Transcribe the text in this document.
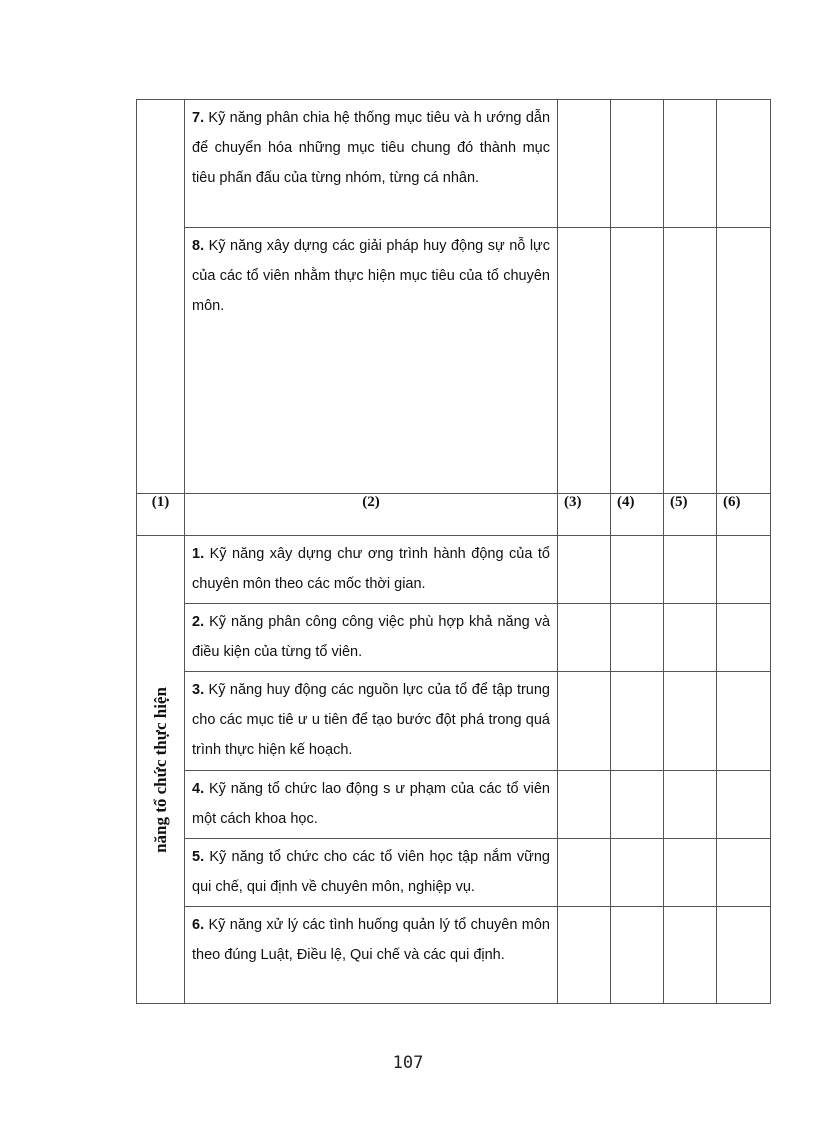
	7. Kỹ năng phân chia hệ thống mục tiêu và h ướng dẫn để chuyển hóa những mục tiêu chung đó thành mục tiêu phấn đấu của từng nhóm, từng cá nhân.				

	8. Kỹ năng xây dựng các giải pháp huy động sự nỗ lực của các tổ viên nhằm thực hiện mục tiêu của tổ chuyên môn.				

(1)	(2)	(3)	(4)	(5)	(6)

năng tổ chức thực hiện	1. Kỹ năng xây dựng chư ơng trình hành động của tổ chuyên môn theo các mốc thời gian.				

	2. Kỹ năng phân công công việc phù hợp khả năng và điều kiện của từng tổ viên.				

	3. Kỹ năng huy động các nguồn lực của tổ để tập trung cho các mục tiê ư u tiên để tạo bước đột phá trong quá trình thực hiện kế hoạch.				

	4. Kỹ năng tổ chức lao động s ư phạm của các tổ viên một cách khoa học.				

	5. Kỹ năng tổ chức cho các tổ viên học tập nắm vững qui chế, qui định về chuyên môn, nghiệp vụ.				

	6. Kỹ năng xử lý các tình huống quản lý tổ chuyên môn theo đúng Luật, Điều lệ, Qui chế và các qui định.				

107
